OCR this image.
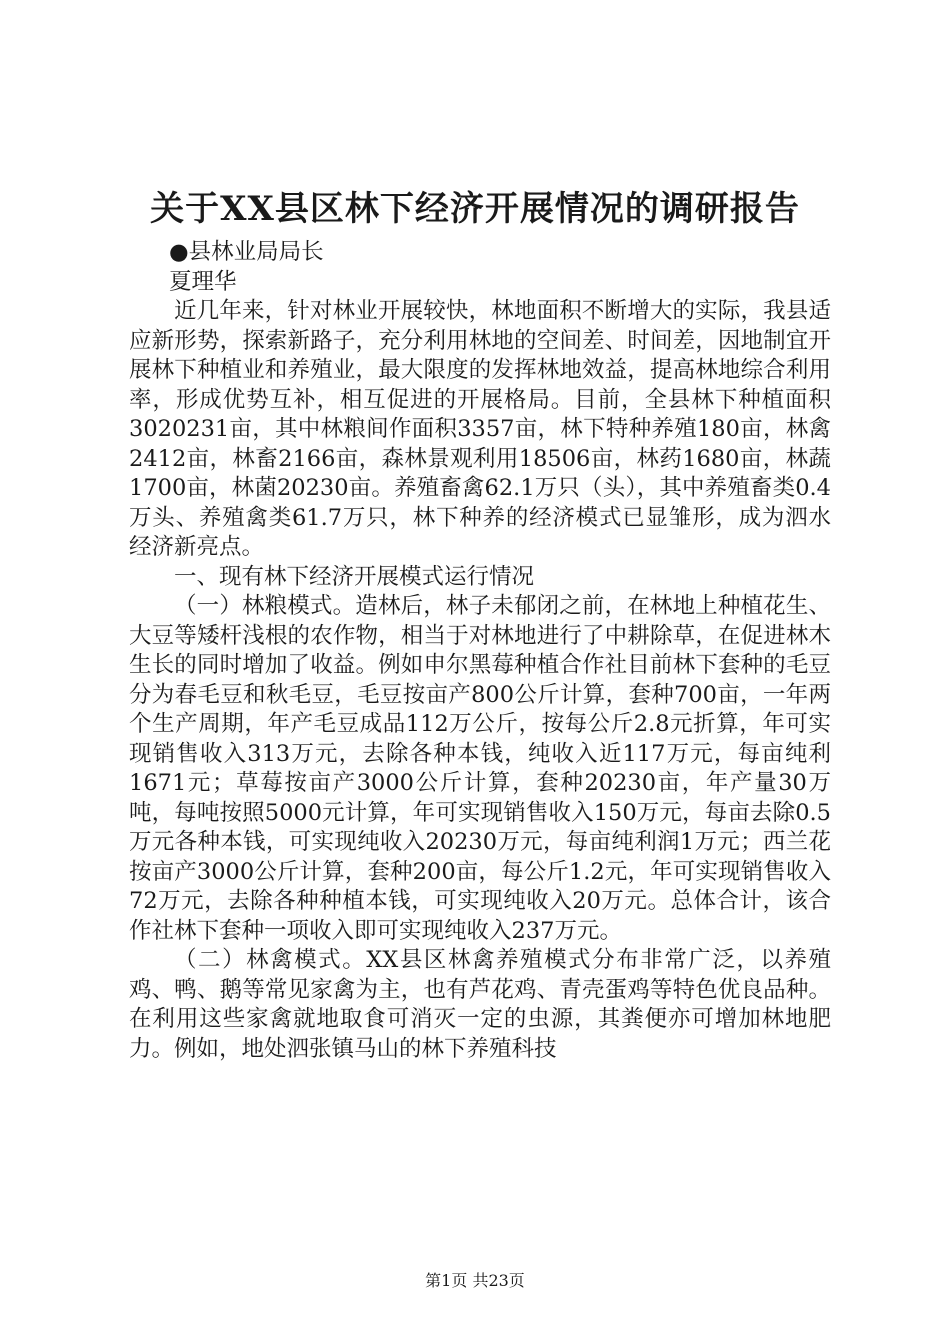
关于XX县区林下经济开展情况的调研报告

●县林业局局长

夏理华

近几年来，针对林业开展较快，林地面积不断增大的实际，我县适应新形势，探索新路子，充分利用林地的空间差、时间差，因地制宜开展林下种植业和养殖业，最大限度的发挥林地效益，提高林地综合利用率，形成优势互补，相互促进的开展格局。目前，全县林下种植面积3020231亩，其中林粮间作面积3357亩，林下特种养殖180亩，林禽2412亩，林畜2166亩，森林景观利用18506亩，林药1680亩，林蔬1700亩，林菌20230亩。养殖畜禽62.1万只（头），其中养殖畜类0.4万头、养殖禽类61.7万只，林下种养的经济模式已显雏形，成为泗水经济新亮点。

一、现有林下经济开展模式运行情况

（一）林粮模式。造林后，林子未郁闭之前，在林地上种植花生、大豆等矮杆浅根的农作物，相当于对林地进行了中耕除草，在促进林木生长的同时增加了收益。例如申尔黑莓种植合作社目前林下套种的毛豆分为春毛豆和秋毛豆，毛豆按亩产800公斤计算，套种700亩，一年两个生产周期，年产毛豆成品112万公斤，按每公斤2.8元折算，年可实现销售收入313万元，去除各种本钱，纯收入近117万元，每亩纯利1671元；草莓按亩产3000公斤计算，套种20230亩，年产量30万吨，每吨按照5000元计算，年可实现销售收入150万元，每亩去除0.5万元各种本钱，可实现纯收入20230万元，每亩纯利润1万元；西兰花按亩产3000公斤计算，套种200亩，每公斤1.2元，年可实现销售收入72万元，去除各种种植本钱，可实现纯收入20万元。总体合计，该合作社林下套种一项收入即可实现纯收入237万元。

（二）林禽模式。XX县区林禽养殖模式分布非常广泛，以养殖鸡、鸭、鹅等常见家禽为主，也有芦花鸡、青壳蛋鸡等特色优良品种。在利用这些家禽就地取食可消灭一定的虫源，其粪便亦可增加林地肥力。例如，地处泗张镇马山的林下养殖科技

第1页 共23页
